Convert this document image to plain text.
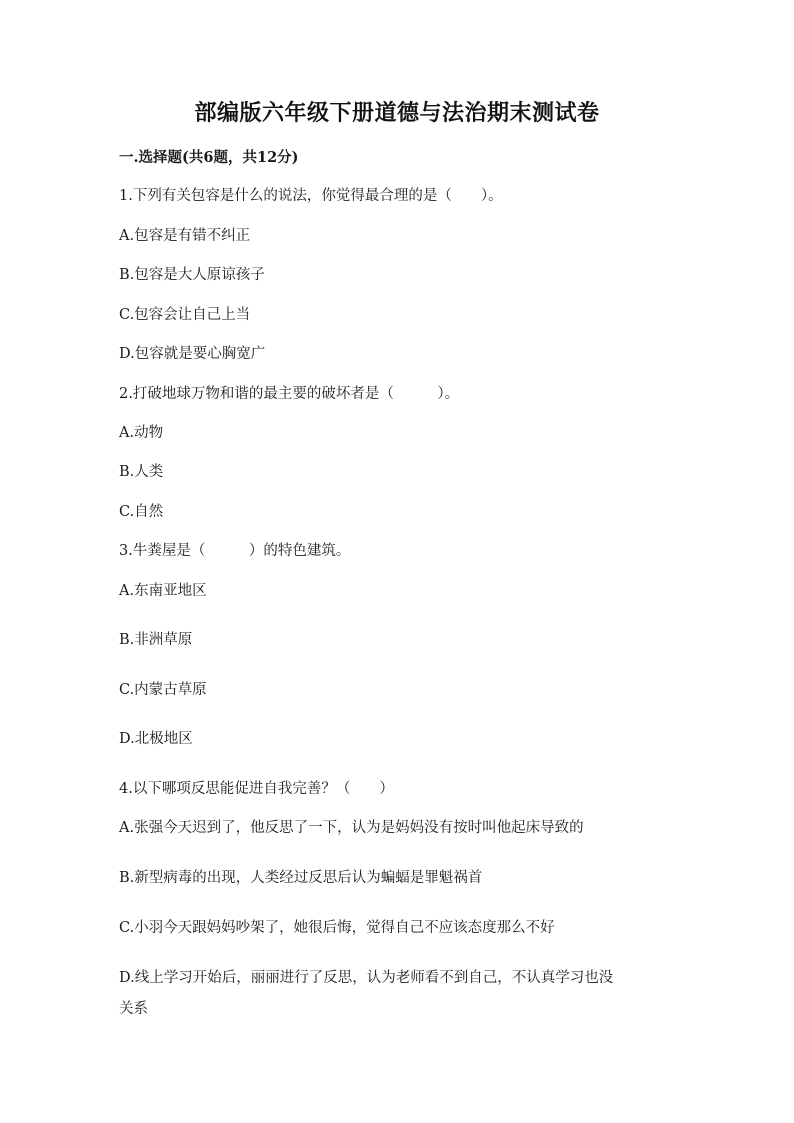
部编版六年级下册道德与法治期末测试卷
一.选择题(共6题，共12分)
1.下列有关包容是什么的说法，你觉得最合理的是（　　）。
A.包容是有错不纠正
B.包容是大人原谅孩子
C.包容会让自己上当
D.包容就是要心胸宽广
2.打破地球万物和谐的最主要的破坏者是（　　　）。
A.动物
B.人类
C.自然
3.牛粪屋是（　　　）的特色建筑。
A.东南亚地区
B.非洲草原
C.内蒙古草原
D.北极地区
4.以下哪项反思能促进自我完善？（　　）
A.张强今天迟到了，他反思了一下，认为是妈妈没有按时叫他起床导致的
B.新型病毒的出现，人类经过反思后认为蝙蝠是罪魁祸首
C.小羽今天跟妈妈吵架了，她很后悔，觉得自己不应该态度那么不好
D.线上学习开始后，丽丽进行了反思，认为老师看不到自己，不认真学习也没
关系
